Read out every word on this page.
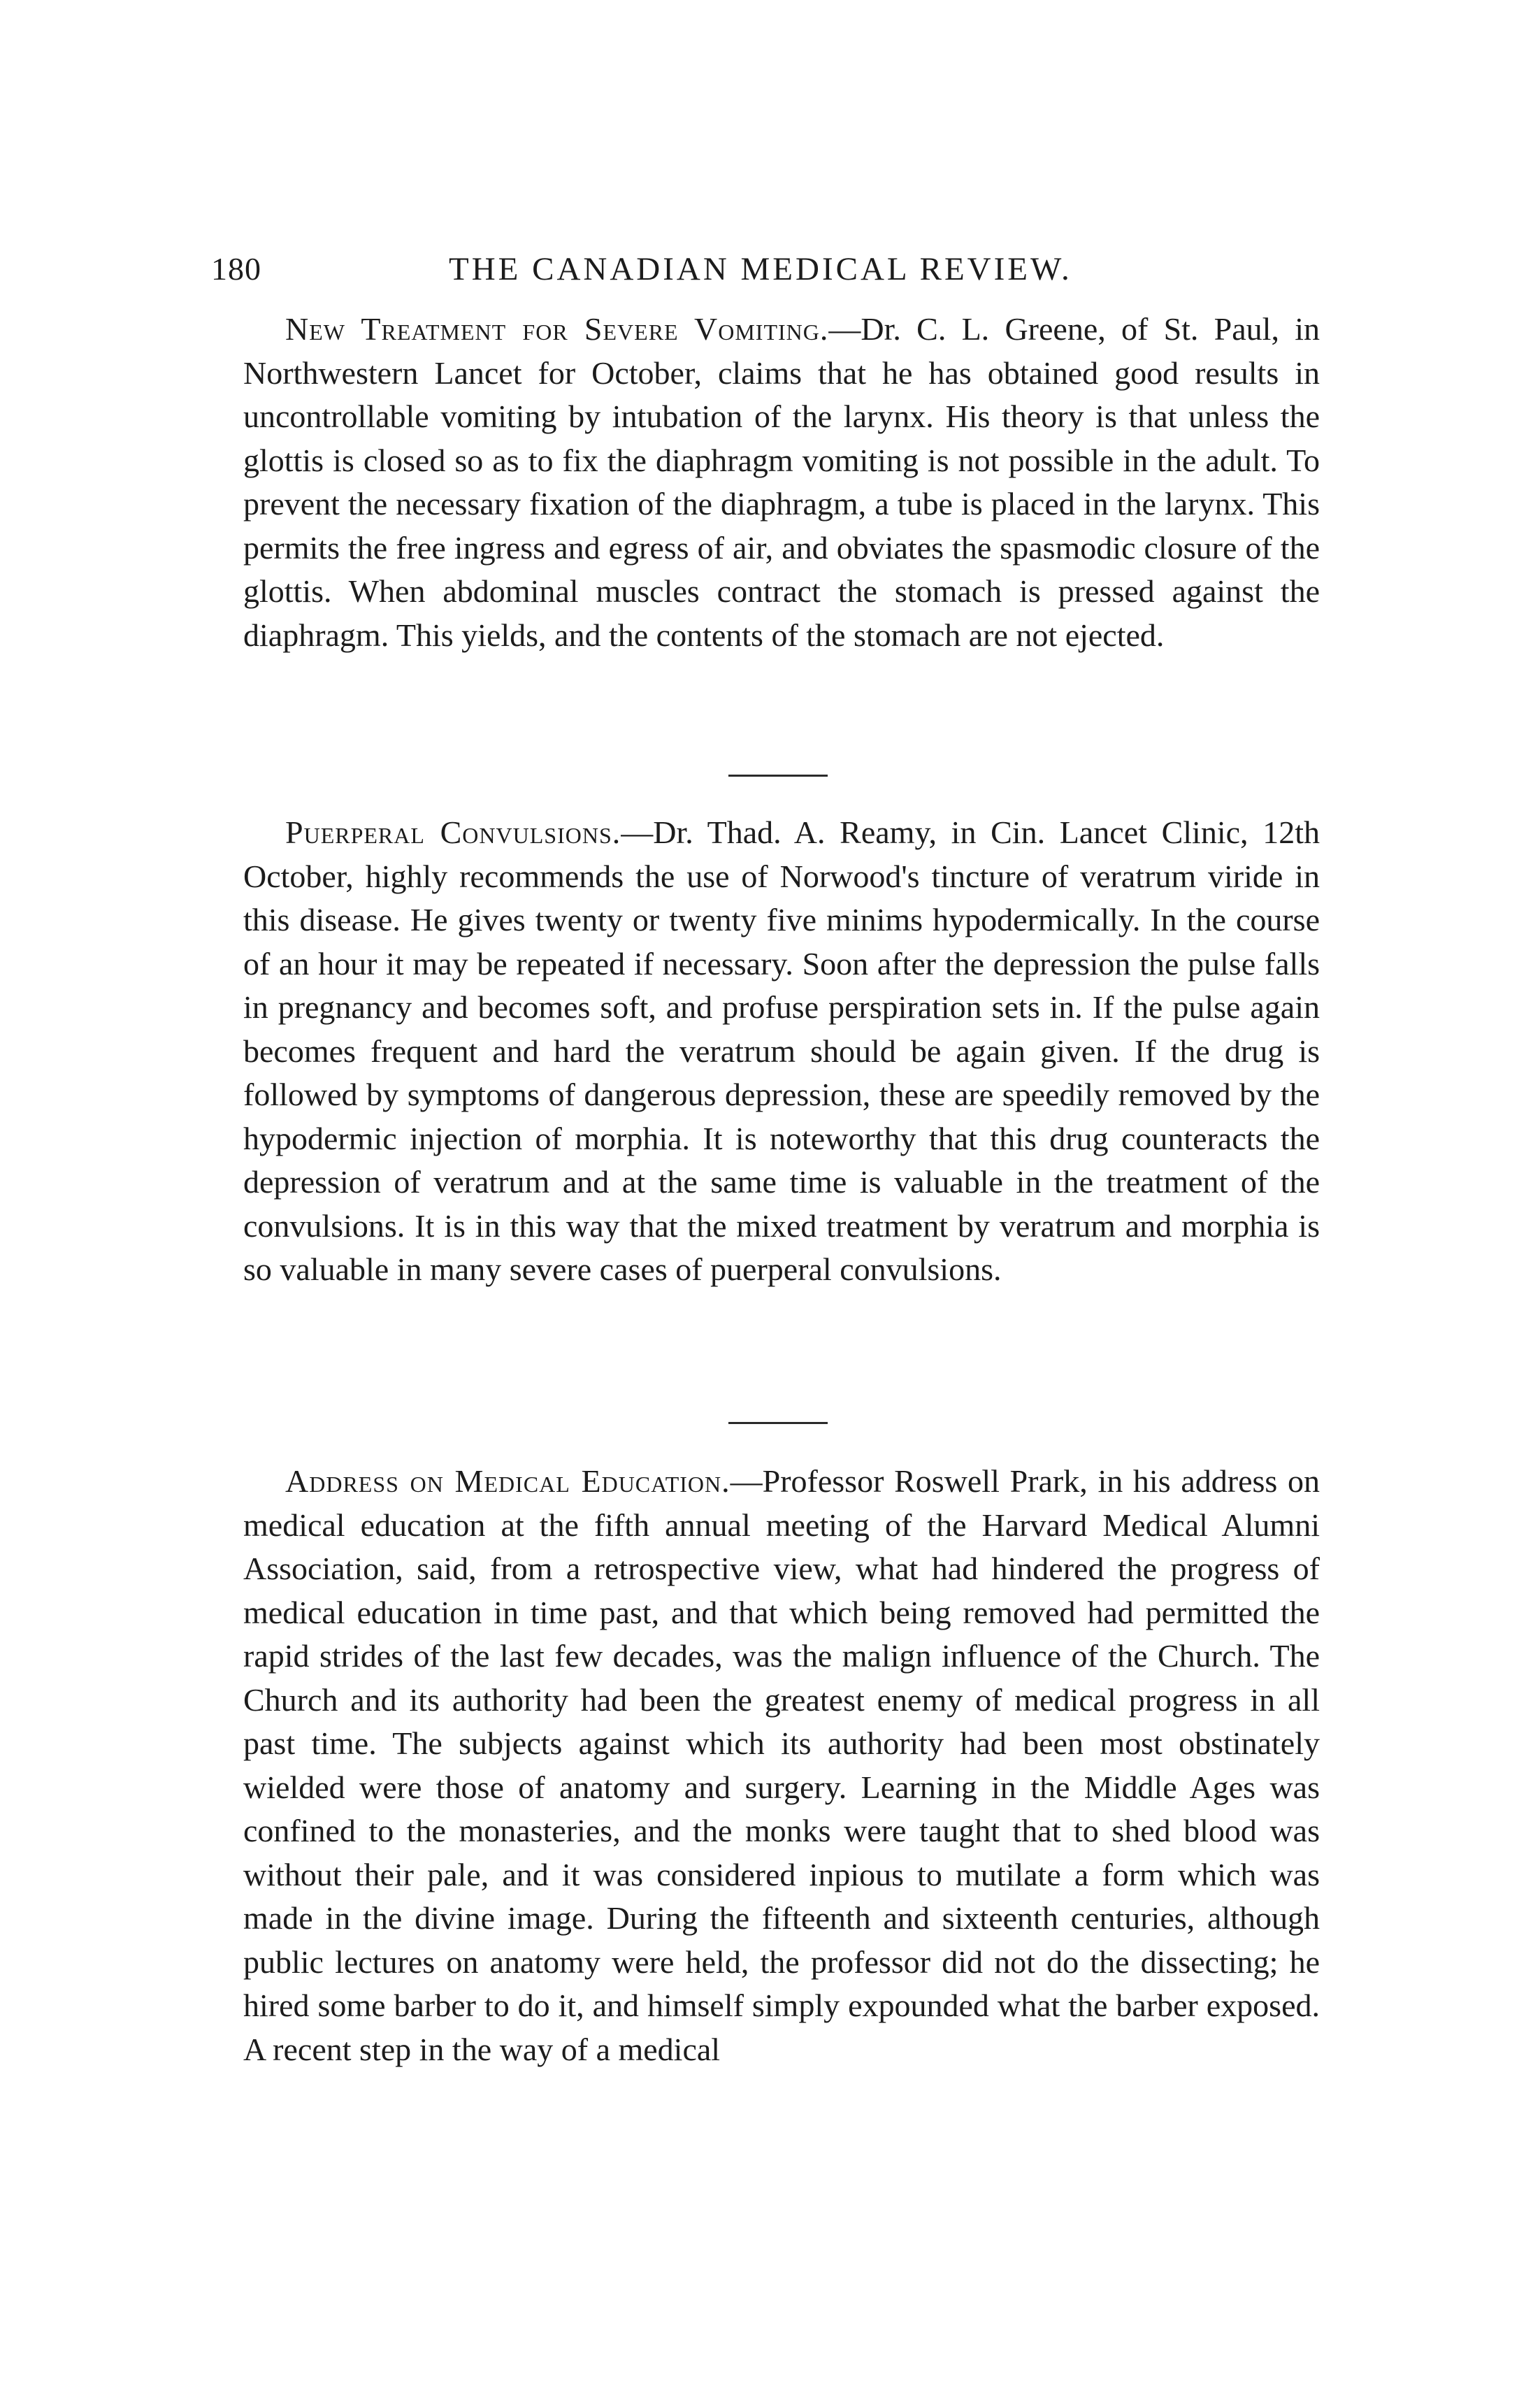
180	THE CANADIAN MEDICAL REVIEW.

New Treatment for Severe Vomiting.—Dr. C. L. Greene, of St. Paul, in Northwestern Lancet for October, claims that he has obtained good results in uncontrollable vomiting by intubation of the larynx. His theory is that unless the glottis is closed so as to fix the diaphragm vomiting is not possible in the adult. To prevent the necessary fixation of the diaphragm, a tube is placed in the larynx. This permits the free ingress and egress of air, and obviates the spasmodic closure of the glottis. When abdominal muscles contract the stomach is pressed against the diaphragm. This yields, and the contents of the stomach are not ejected.

Puerperal Convulsions.—Dr. Thad. A. Reamy, in Cin. Lancet Clinic, 12th October, highly recommends the use of Norwood's tincture of veratrum viride in this disease. He gives twenty or twenty five minims hypodermically. In the course of an hour it may be repeated if necessary. Soon after the depression the pulse falls in pregnancy and becomes soft, and profuse perspiration sets in. If the pulse again becomes frequent and hard the veratrum should be again given. If the drug is followed by symptoms of dangerous depression, these are speedily removed by the hypodermic injection of morphia. It is noteworthy that this drug counteracts the depression of veratrum and at the same time is valuable in the treatment of the convulsions. It is in this way that the mixed treatment by veratrum and morphia is so valuable in many severe cases of puerperal convulsions.

Address on Medical Education.—Professor Roswell Prark, in his address on medical education at the fifth annual meeting of the Harvard Medical Alumni Association, said, from a retrospective view, what had hindered the progress of medical education in time past, and that which being removed had permitted the rapid strides of the last few decades, was the malign influence of the Church. The Church and its authority had been the greatest enemy of medical progress in all past time. The subjects against which its authority had been most obstinately wielded were those of anatomy and surgery. Learning in the Middle Ages was confined to the monasteries, and the monks were taught that to shed blood was without their pale, and it was considered inpious to mutilate a form which was made in the divine image. During the fifteenth and sixteenth centuries, although public lectures on anatomy were held, the professor did not do the dissecting; he hired some barber to do it, and himself simply expounded what the barber exposed. A recent step in the way of a medical
